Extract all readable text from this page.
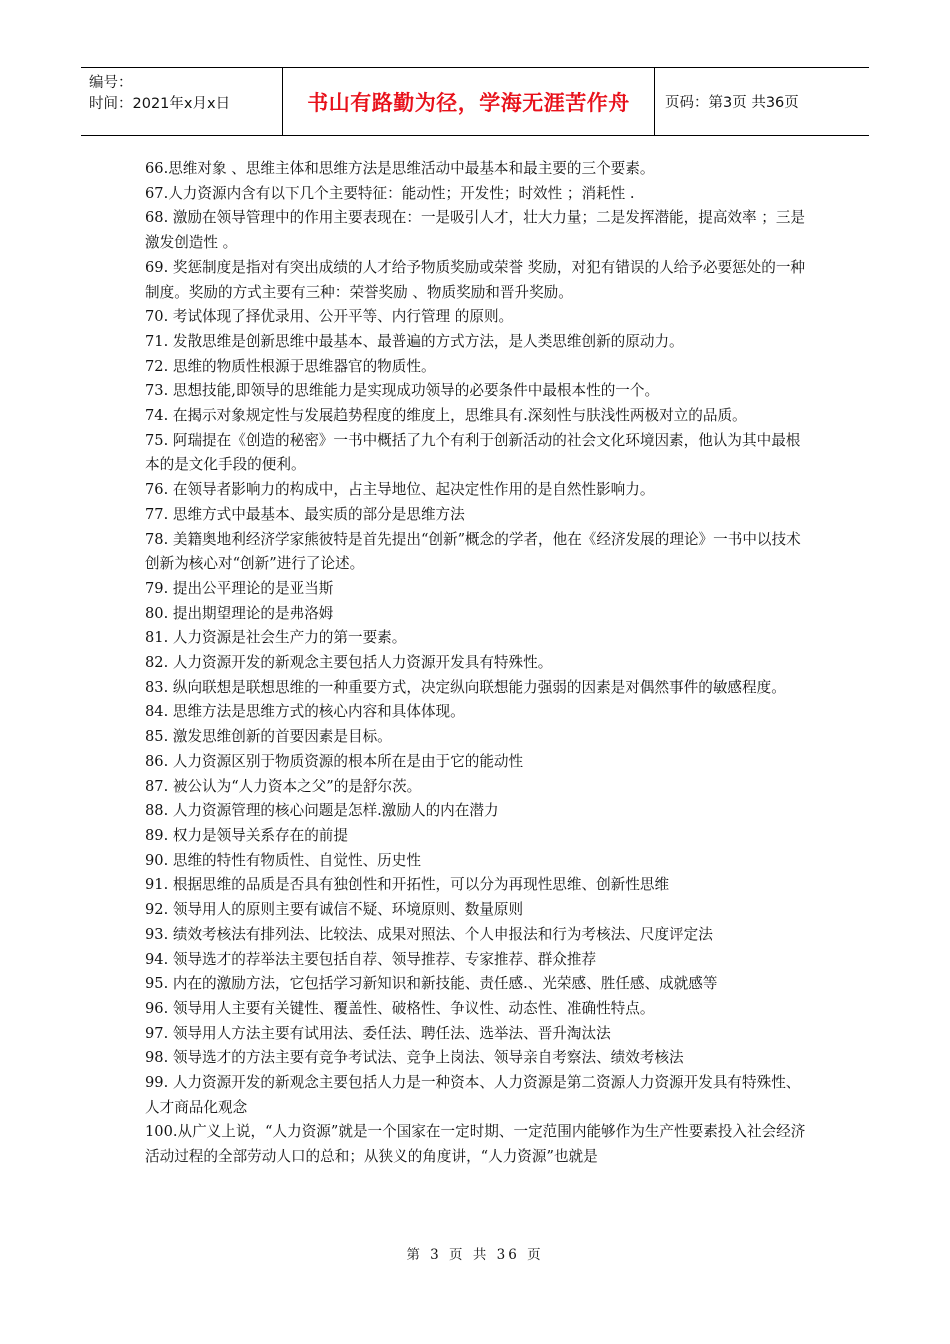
编号：
时间：2021年x月x日	书山有路勤为径，学海无涯苦作舟	页码：第3页 共36页

66.思维对象 、思维主体和思维方法是思维活动中最基本和最主要的三个要素。

67.人力资源内含有以下几个主要特征：能动性；开发性；时效性 ；消耗性 .

68. 激励在领导管理中的作用主要表现在：一是吸引人才，壮大力量；二是发挥潜能，提高效率 ；三是 激发创造性 。

69. 奖惩制度是指对有突出成绩的人才给予物质奖励或荣誉 奖励，对犯有错误的人给予必要惩处的一种制度。奖励的方式主要有三种：荣誉奖励 、物质奖励和晋升奖励。

70. 考试体现了择优录用、公开平等、内行管理 的原则。

71. 发散思维是创新思维中最基本、最普遍的方式方法，是人类思维创新的原动力。

72. 思维的物质性根源于思维器官的物质性。

73. 思想技能,即领导的思维能力是实现成功领导的必要条件中最根本性的一个。

74. 在揭示对象规定性与发展趋势程度的维度上，思维具有.深刻性与肤浅性两极对立的品质。

75. 阿瑞提在《创造的秘密》一书中概括了九个有利于创新活动的社会文化环境因素，他认为其中最根本的是文化手段的便利。

76. 在领导者影响力的构成中，占主导地位、起决定性作用的是自然性影响力。

77. 思维方式中最基本、最实质的部分是思维方法

78. 美籍奥地利经济学家熊彼特是首先提出“创新”概念的学者，他在《经济发展的理论》一书中以技术创新为核心对“创新”进行了论述。

79. 提出公平理论的是亚当斯

80. 提出期望理论的是弗洛姆

81. 人力资源是社会生产力的第一要素。

82. 人力资源开发的新观念主要包括人力资源开发具有特殊性。

83. 纵向联想是联想思维的一种重要方式，决定纵向联想能力强弱的因素是对偶然事件的敏感程度。

84. 思维方法是思维方式的核心内容和具体体现。

85. 激发思维创新的首要因素是目标。

86. 人力资源区别于物质资源的根本所在是由于它的能动性

87. 被公认为“人力资本之父”的是舒尔茨。

88. 人力资源管理的核心问题是怎样.激励人的内在潜力

89. 权力是领导关系存在的前提

90. 思维的特性有物质性、自觉性、历史性

91. 根据思维的品质是否具有独创性和开拓性，可以分为再现性思维、创新性思维

92. 领导用人的原则主要有诚信不疑、环境原则、数量原则

93. 绩效考核法有排列法、比较法、成果对照法、个人申报法和行为考核法、尺度评定法

94. 领导选才的荐举法主要包括自荐、领导推荐、专家推荐、群众推荐

95. 内在的激励方法，它包括学习新知识和新技能、责任感.、光荣感、胜任感、成就感等

96. 领导用人主要有关键性、覆盖性、破格性、争议性、动态性、准确性特点。

97. 领导用人方法主要有试用法、委任法、聘任法、选举法、晋升淘汰法

98. 领导选才的方法主要有竞争考试法、竞争上岗法、领导亲自考察法、绩效考核法

99. 人力资源开发的新观念主要包括人力是一种资本、人力资源是第二资源人力资源开发具有特殊性、人才商品化观念

100.从广义上说，“人力资源”就是一个国家在一定时期、一定范围内能够作为生产性要素投入社会经济活动过程的全部劳动人口的总和；从狭义的角度讲，“人力资源”也就是

第 3 页 共 36 页
